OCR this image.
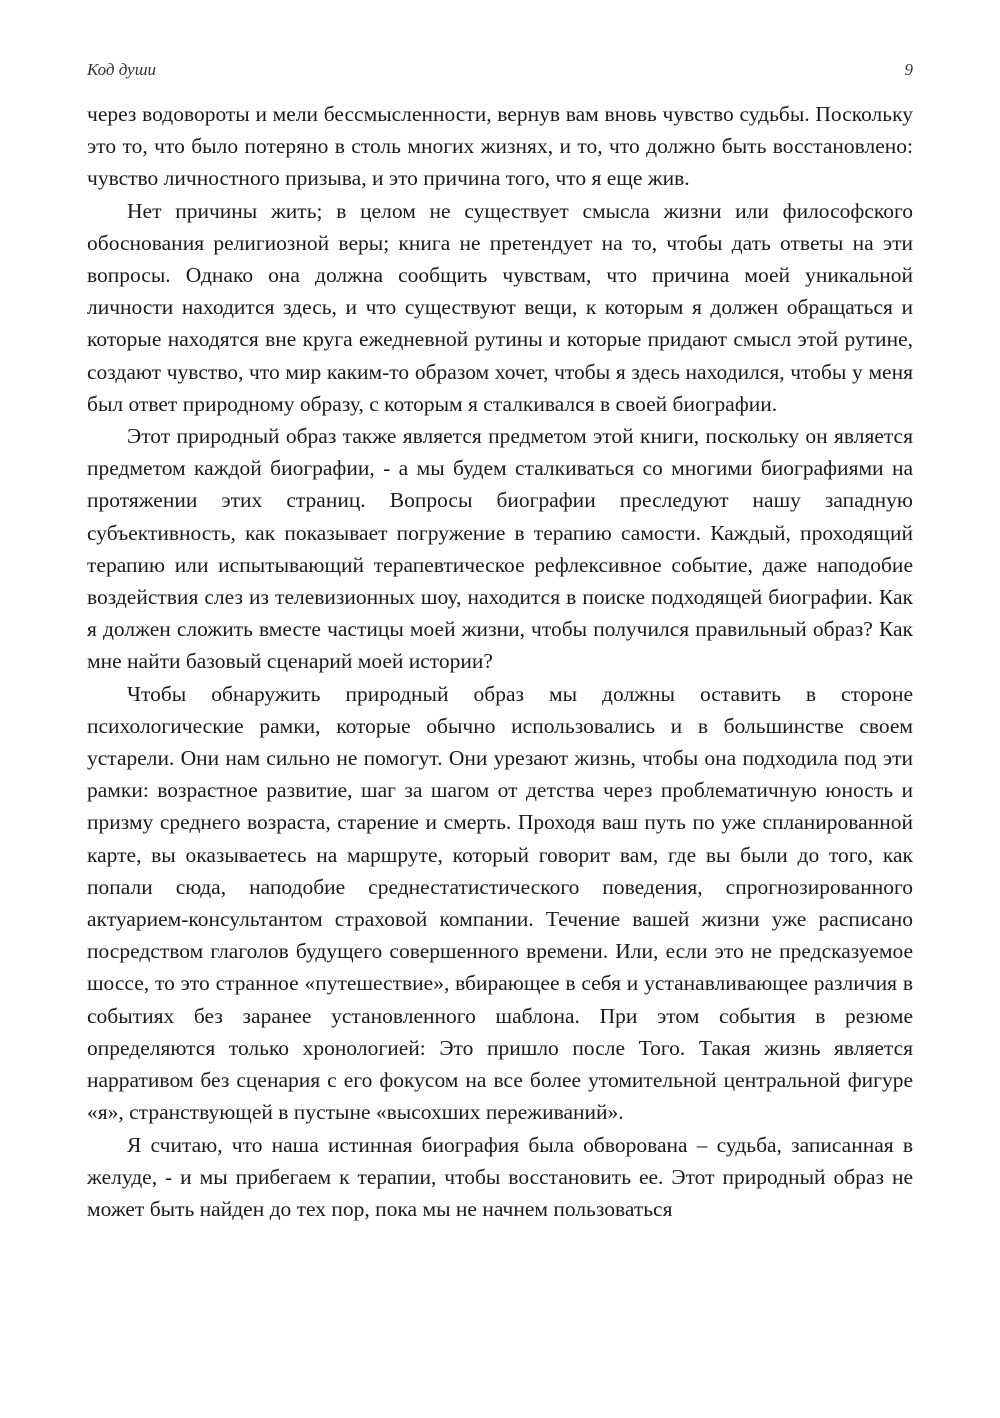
Код души	9

через водовороты и мели бессмысленности, вернув вам вновь чувство судьбы. Поскольку это то, что было потеряно в столь многих жизнях, и то, что должно быть восстановлено: чувство личностного призыва, и это причина того, что я еще жив.

Нет причины жить; в целом не существует смысла жизни или философского обоснования религиозной веры; книга не претендует на то, чтобы дать ответы на эти вопросы. Однако она должна сообщить чувствам, что причина моей уникальной личности находится здесь, и что существуют вещи, к которым я должен обращаться и которые находятся вне круга ежедневной рутины и которые придают смысл этой рутине, создают чувство, что мир каким-то образом хочет, чтобы я здесь находился, чтобы у меня был ответ природному образу, с которым я сталкивался в своей биографии.

Этот природный образ также является предметом этой книги, поскольку он является предметом каждой биографии, - а мы будем сталкиваться со многими биографиями на протяжении этих страниц. Вопросы биографии преследуют нашу западную субъективность, как показывает погружение в терапию самости. Каждый, проходящий терапию или испытывающий терапевтическое рефлексивное событие, даже наподобие воздействия слез из телевизионных шоу, находится в поиске подходящей биографии. Как я должен сложить вместе частицы моей жизни, чтобы получился правильный образ? Как мне найти базовый сценарий моей истории?

Чтобы обнаружить природный образ мы должны оставить в стороне психологические рамки, которые обычно использовались и в большинстве своем устарели. Они нам сильно не помогут. Они урезают жизнь, чтобы она подходила под эти рамки: возрастное развитие, шаг за шагом от детства через проблематичную юность и призму среднего возраста, старение и смерть. Проходя ваш путь по уже спланированной карте, вы оказываетесь на маршруте, который говорит вам, где вы были до того, как попали сюда, наподобие среднестатистического поведения, спрогнозированного актуарием-консультантом страховой компании. Течение вашей жизни уже расписано посредством глаголов будущего совершенного времени. Или, если это не предсказуемое шоссе, то это странное «путешествие», вбирающее в себя и устанавливающее различия в событиях без заранее установленного шаблона. При этом события в резюме определяются только хронологией: Это пришло после Того. Такая жизнь является нарративом без сценария с его фокусом на все более утомительной центральной фигуре «я», странствующей в пустыне «высохших переживаний».

Я считаю, что наша истинная биография была обворована – судьба, записанная в желуде, - и мы прибегаем к терапии, чтобы восстановить ее. Этот природный образ не может быть найден до тех пор, пока мы не начнем пользоваться
